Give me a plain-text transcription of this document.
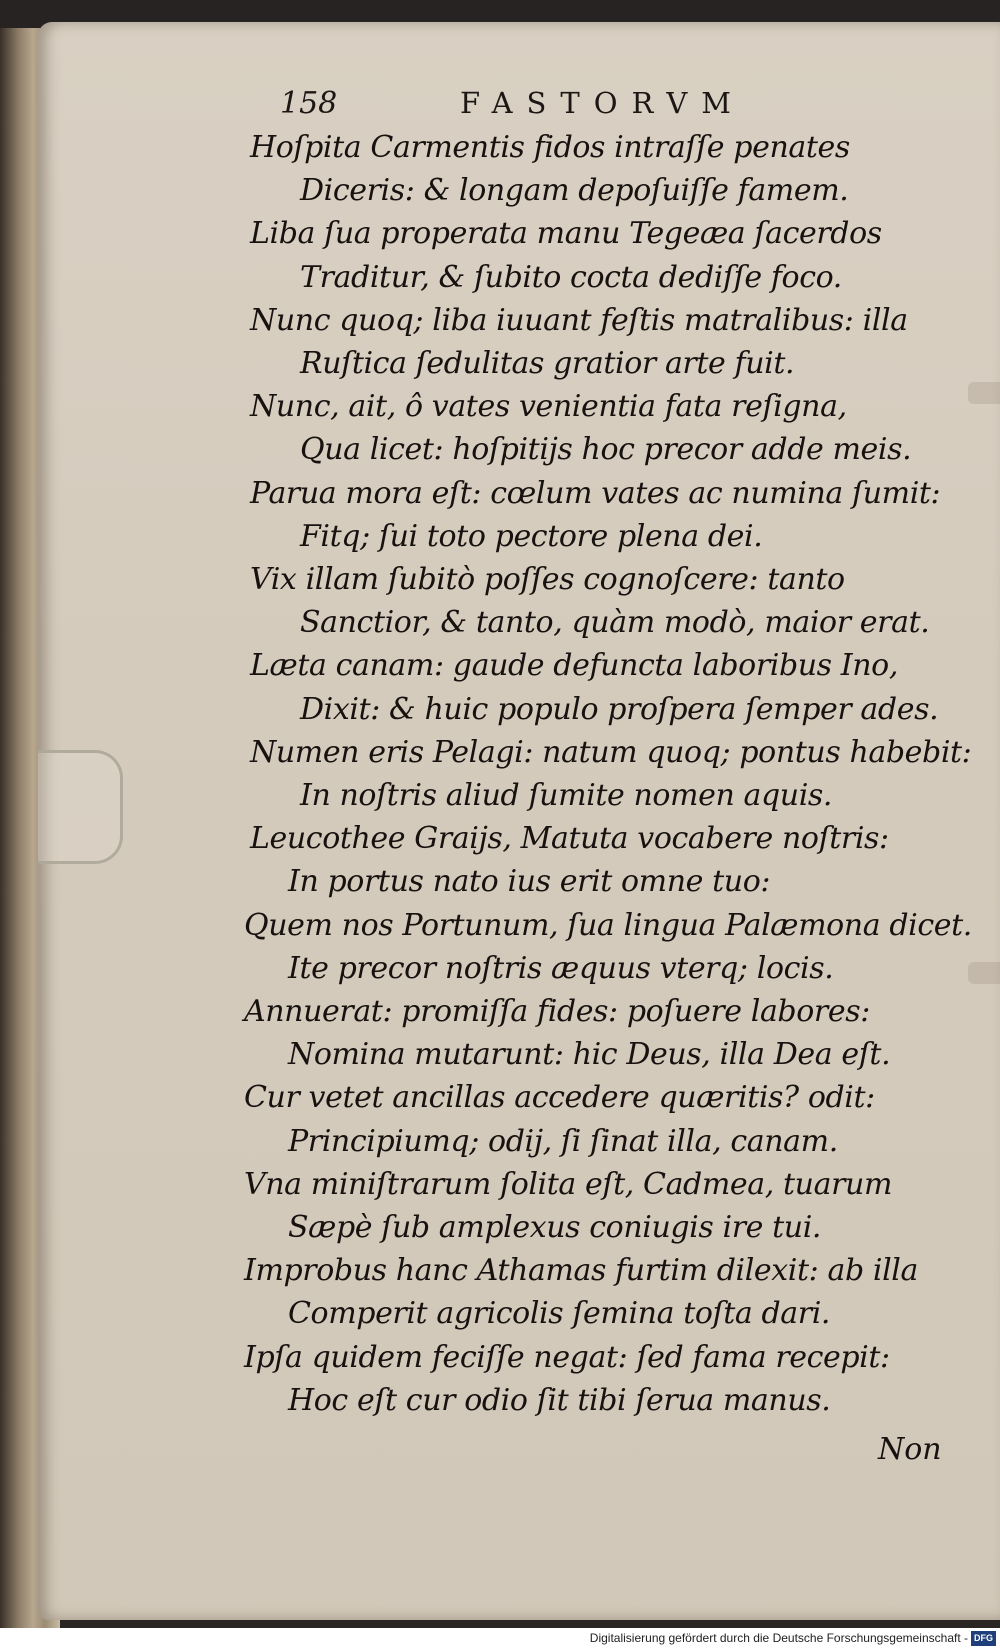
158	FASTORVM
Hoſpita Carmentis fidos intraſſe penates
Diceris: & longam depoſuiſſe famem.
Liba ſua properata manu Tegeæa ſacerdos
Traditur, & ſubito cocta dediſſe foco.
Nunc quoq; liba iuuant feſtis matralibus: illa
Ruſtica ſedulitas gratior arte fuit.
Nunc, ait, ô vates venientia fata reſigna,
Qua licet: hoſpitijs hoc precor adde meis.
Parua mora eſt: cœlum vates ac numina ſumit:
Fitq; ſui toto pectore plena dei.
Vix illam ſubitò poſſes cognoſcere: tanto
Sanctior, & tanto, quàm modò, maior erat.
Læta canam: gaude defuncta laboribus Ino,
Dixit: & huic populo proſpera ſemper ades.
Numen eris Pelagi: natum quoq; pontus habebit:
In noſtris aliud ſumite nomen aquis.
Leucothee Graijs, Matuta vocabere noſtris:
In portus nato ius erit omne tuo:
Quem nos Portunum, ſua lingua Palæmona dicet.
Ite precor noſtris æquus vterq; locis.
Annuerat: promiſſa fides: poſuere labores:
Nomina mutarunt: hic Deus, illa Dea eſt.
Cur vetet ancillas accedere quæritis? odit:
Principiumq; odij, ſi ſinat illa, canam.
Vna miniſtrarum ſolita eſt, Cadmea, tuarum
Sæpè ſub amplexus coniugis ire tui.
Improbus hanc Athamas furtim dilexit: ab illa
Comperit agricolis ſemina toſta dari.
Ipſa quidem feciſſe negat: ſed fama recepit:
Hoc eſt cur odio ſit tibi ſerua manus.
Non
Digitalisierung gefördert durch die Deutsche Forschungsgemeinschaft - DFG
